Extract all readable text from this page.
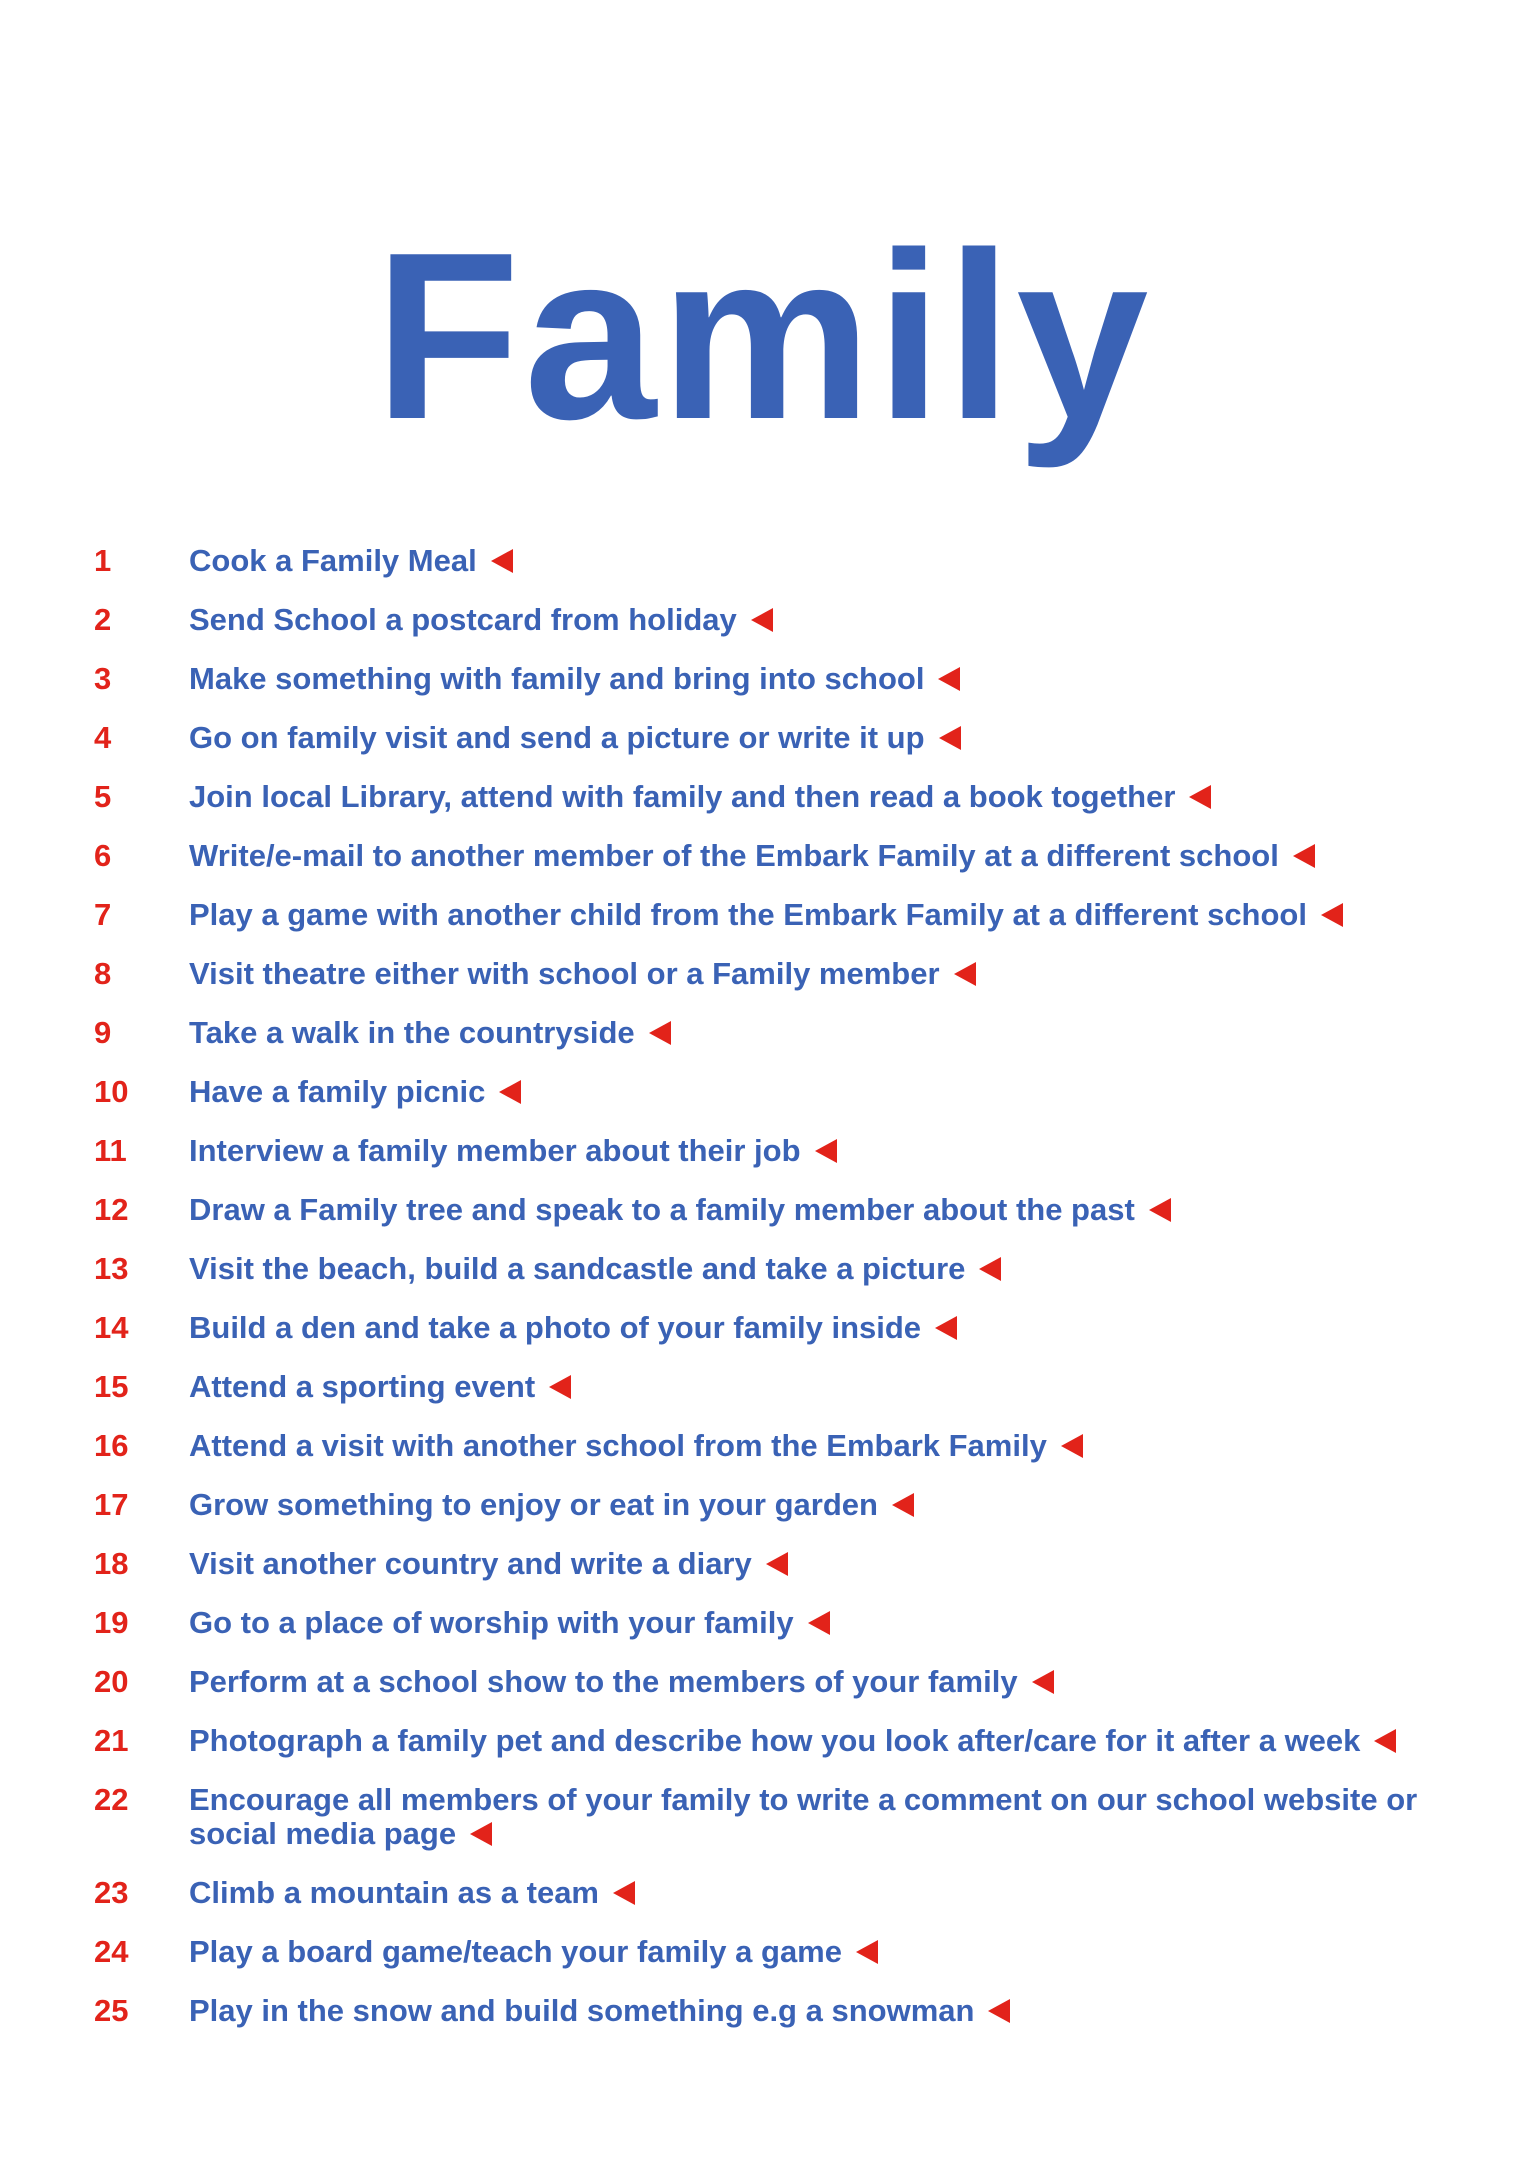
Family
1	Cook a Family Meal
2	Send School a postcard from holiday
3	Make something with family and bring into school
4	Go on family visit and send a picture or write it up
5	Join local Library, attend with family and then read a book together
6	Write/e-mail to another member of the Embark Family at a different school
7	Play a game with another child from the Embark Family at a different school
8	Visit theatre either with school or a Family member
9	Take a walk in the countryside
10 Have a family picnic
11 Interview a family member about their job
12 Draw a Family tree and speak to a family member about the past
13 Visit the beach, build a sandcastle and take a picture
14 Build a den and take a photo of your family inside
15 Attend a sporting event
16 Attend a visit with another school from the Embark Family
17 Grow something to enjoy or eat in your garden
18 Visit another country and write a diary
19 Go to a place of worship with your family
20 Perform at a school show to the members of your family
21 Photograph a family pet and describe how you look after/care for it after a week
22 Encourage all members of your family to write a comment on our school website or social media page
23 Climb a mountain as a team
24 Play a board game/teach your family a game
25 Play in the snow and build something e.g a snowman
